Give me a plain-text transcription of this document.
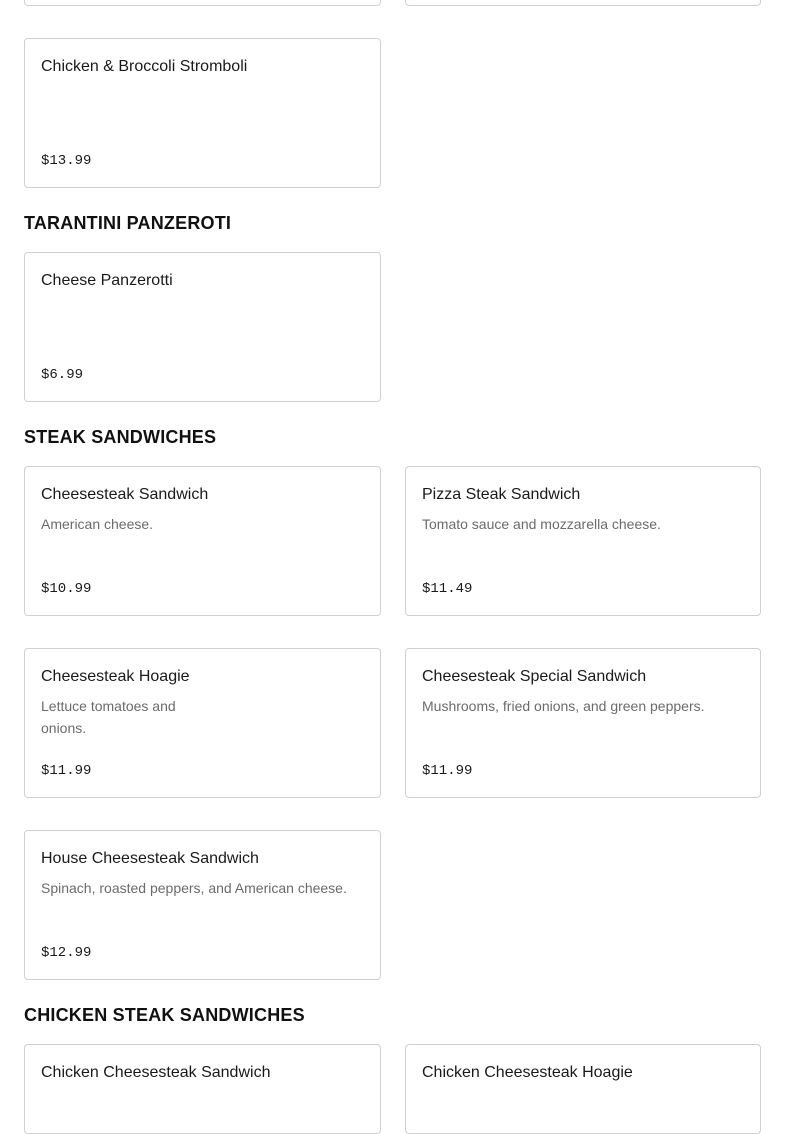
Chicken & Broccoli Stromboli
$13.99
TARANTINI PANZEROTI
Cheese Panzerotti
$6.99
STEAK SANDWICHES
Cheesesteak Sandwich
American cheese.
$10.99
Pizza Steak Sandwich
Tomato sauce and mozzarella cheese.
$11.49
Cheesesteak Hoagie
Lettuce tomatoes and onions.
$11.99
Cheesesteak Special Sandwich
Mushrooms, fried onions, and green peppers.
$11.99
House Cheesesteak Sandwich
Spinach, roasted peppers, and American cheese.
$12.99
CHICKEN STEAK SANDWICHES
Chicken Cheesesteak Sandwich	Chicken Cheesesteak Hoagie
